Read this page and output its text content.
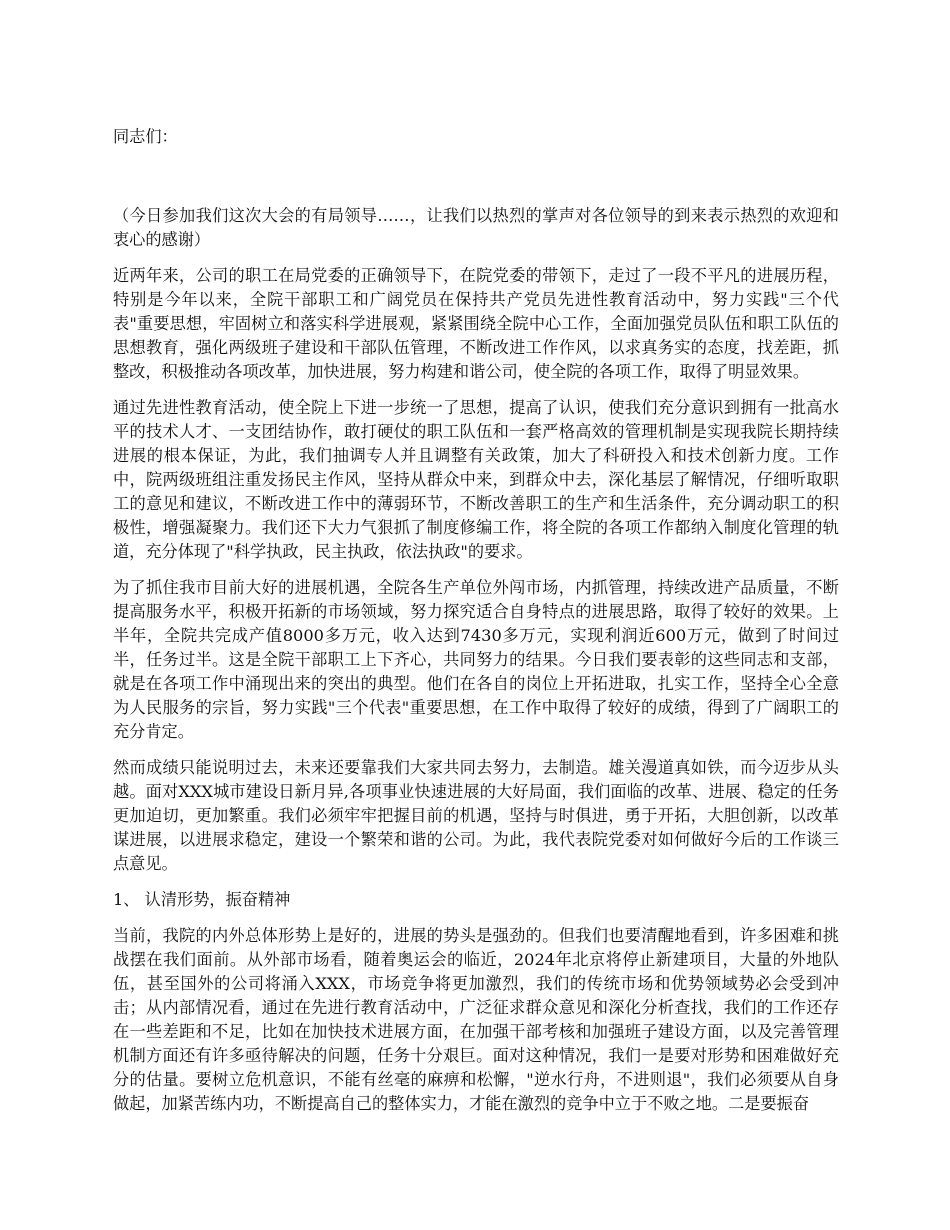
同志们：

（今日参加我们这次大会的有局领导……，让我们以热烈的掌声对各位领导的到来表示热烈的欢迎和衷心的感谢）

近两年来，公司的职工在局党委的正确领导下，在院党委的带领下，走过了一段不平凡的进展历程，特别是今年以来，全院干部职工和广阔党员在保持共产党员先进性教育活动中，努力实践"三个代表"重要思想，牢固树立和落实科学进展观，紧紧围绕全院中心工作，全面加强党员队伍和职工队伍的思想教育，强化两级班子建设和干部队伍管理，不断改进工作作风，以求真务实的态度，找差距，抓整改，积极推动各项改革，加快进展，努力构建和谐公司，使全院的各项工作，取得了明显效果。

通过先进性教育活动，使全院上下进一步统一了思想，提高了认识，使我们充分意识到拥有一批高水平的技术人才、一支团结协作，敢打硬仗的职工队伍和一套严格高效的管理机制是实现我院长期持续进展的根本保证，为此，我们抽调专人并且调整有关政策，加大了科研投入和技术创新力度。工作中，院两级班组注重发扬民主作风，坚持从群众中来，到群众中去，深化基层了解情况，仔细听取职工的意见和建议，不断改进工作中的薄弱环节，不断改善职工的生产和生活条件，充分调动职工的积极性，增强凝聚力。我们还下大力气狠抓了制度修编工作，将全院的各项工作都纳入制度化管理的轨道，充分体现了"科学执政，民主执政，依法执政"的要求。

为了抓住我市目前大好的进展机遇，全院各生产单位外闯市场，内抓管理，持续改进产品质量，不断提高服务水平，积极开拓新的市场领域，努力探究适合自身特点的进展思路，取得了较好的效果。上半年，全院共完成产值8000多万元，收入达到7430多万元，实现利润近600万元，做到了时间过半，任务过半。这是全院干部职工上下齐心，共同努力的结果。今日我们要表彰的这些同志和支部，就是在各项工作中涌现出来的突出的典型。他们在各自的岗位上开拓进取，扎实工作，坚持全心全意为人民服务的宗旨，努力实践"三个代表"重要思想，在工作中取得了较好的成绩，得到了广阔职工的充分肯定。

然而成绩只能说明过去，未来还要靠我们大家共同去努力，去制造。雄关漫道真如铁，而今迈步从头越。面对XXX城市建设日新月异,各项事业快速进展的大好局面，我们面临的改革、进展、稳定的任务更加迫切，更加繁重。我们必须牢牢把握目前的机遇，坚持与时俱进，勇于开拓，大胆创新，以改革谋进展，以进展求稳定，建设一个繁荣和谐的公司。为此，我代表院党委对如何做好今后的工作谈三点意见。

1、 认清形势，振奋精神

当前，我院的内外总体形势上是好的，进展的势头是强劲的。但我们也要清醒地看到，许多困难和挑战摆在我们面前。从外部市场看，随着奥运会的临近，2024年北京将停止新建项目，大量的外地队伍，甚至国外的公司将涌入XXX，市场竞争将更加激烈，我们的传统市场和优势领域势必会受到冲击；从内部情况看，通过在先进行教育活动中，广泛征求群众意见和深化分析查找，我们的工作还存在一些差距和不足，比如在加快技术进展方面，在加强干部考核和加强班子建设方面，以及完善管理机制方面还有许多亟待解决的问题，任务十分艰巨。面对这种情况，我们一是要对形势和困难做好充分的估量。要树立危机意识，不能有丝毫的麻痹和松懈，"逆水行舟，不进则退"，我们必须要从自身做起，加紧苦练内功，不断提高自己的整体实力，才能在激烈的竞争中立于不败之地。二是要振奋
